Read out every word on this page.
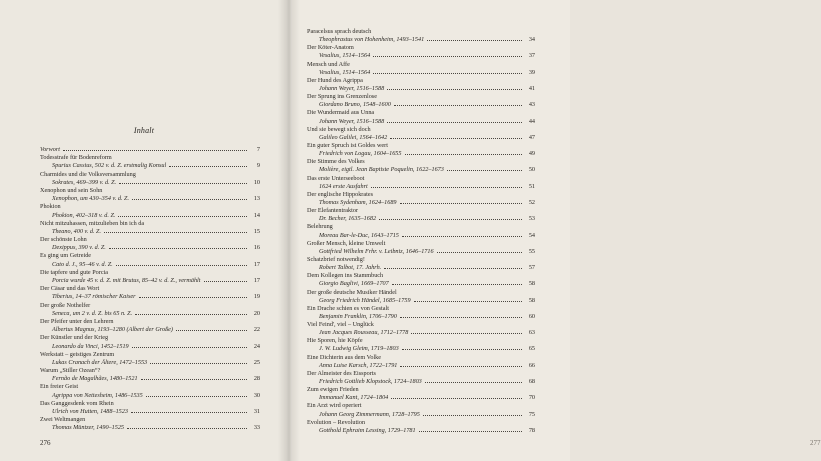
Inhalt
Vorwort	7
Todesstrafe für Bodenreform
Spurius Cassius, 502 v. d. Z. erstmalig Konsul	9
Charmides und die Volksversammlung
Sokrates, 469–399 v. d. Z.	10
Xenophon und sein Sohn
Xenophon, um 430–354 v. d. Z.	13
Phokion
Phokion, 402–318 v. d. Z.	14
Nicht mitzuhassen, mitzulieben bin ich da
Theano, 400 v. d. Z.	15
Der schönste Lohn
Dexippus, 390 v. d. Z.	16
Es ging um Getreide
Cato d. J., 95–46 v. d. Z.	17
Die tapfere und gute Porcia
Porcia wurde 45 v. d. Z. mit Brutus, 85–42 v. d. Z., vermählt	17
Der Cäsar und das Wort
Tiberius, 14–37 römischer Kaiser	19
Der große Nothelfer
Seneca, um 2 v. d. Z. bis 65 n. Z.	20
Der Pfeifer unter den Lehrern
Albertus Magnus, 1193–1280 (Albert der Große)	22
Der Künstler und der Krieg
Leonardo da Vinci, 1452–1519	24
Werkstatt – geistiges Zentrum
Lukas Cranach der Ältere, 1472–1553	25
Warum „Stiller Ozean“?
Fernão de Magalhães, 1480–1521	28
Ein freier Geist
Agrippa von Nettesheim, 1486–1535	30
Das Ganggesdenk vom Rhein
Ulrich von Hutten, 1488–1523	31
Zwei Weltmangen
Thomas Müntzer, 1490–1525	33
276	277
Paracelsus sprach deutsch
Theophrastus von Hohenheim, 1493–1541	34
Der Köter-Anatom
Vesalius, 1514–1564	37
Mensch und Affe
Vesalius, 1514–1564	39
Der Hund des Agrippa
Johann Weyer, 1516–1588	41
Der Sprung ins Grenzenlose
Giordano Bruno, 1548–1600	43
Die Wundermaid aus Unna
Johann Weyer, 1516–1588	44
Und sie bewegt sich doch
Galileo Galilei, 1564–1642	47
Ein guter Spruch ist Goldes wert
Friedrich von Logau, 1604–1655	49
Die Stimme des Volkes
Molière, eigtl. Jean Baptiste Poquelin, 1622–1673	50
Das erste Unterseeboot
1624 erste Ausfahrt	51
Der englische Hippokrates
Thomas Sydenham, 1624–1689	52
Der Elefantentraktor
Dr. Becher, 1635–1682	53
Belehrung
Moreau Bar-le-Duc, 1643–1715	54
Großer Mensch, kleine Umwelt
Gottfried Wilhelm Frhr. v. Leibniz, 1646–1716	55
Schatzbrief notwendig!
Robert Talbot, 17. Jahrh.	57
Dem Kollegen ins Stammbuch
Giorgio Baglivi, 1669–1707	58
Der große deutsche Musiker Händel
Georg Friedrich Händel, 1685–1759	58
Ein Drache schien es von Gestalt
Benjamin Franklin, 1706–1790	60
Viel Feind', viel – Unglück
Jean Jacques Rousseau, 1712–1778	63
Hie Sporen, hie Köpfe
J. W. Ludwig Gleim, 1719–1803	65
Eine Dichterin aus dem Volke
Anna Luise Karsch, 1722–1791	66
Der Almeister des Eissports
Friedrich Gottlieb Klopstock, 1724–1803	68
Zum ewigen Frieden
Immanuel Kant, 1724–1804	70
Ein Arzt wird operiert
Johann Georg Zimmermann, 1728–1795	75
Evolution – Revolution
Gotthold Ephraim Lessing, 1729–1781	78
